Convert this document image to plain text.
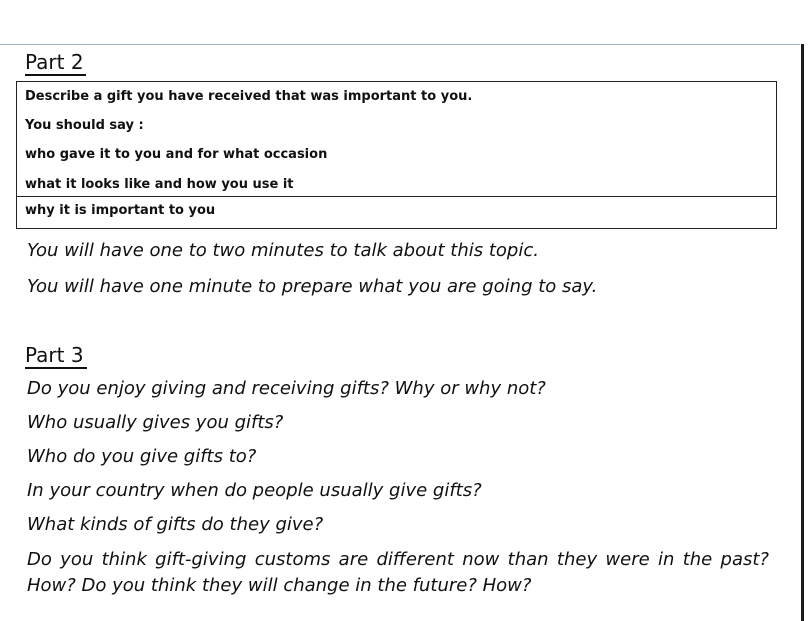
Part 2
Describe a gift you have received that was important to you.
You should say :
who gave it to you and for what occasion
what it looks like and how you use it
why it is important to you

You will have one to two minutes to talk about this topic.

You will have one minute to prepare what you are going to say.

Part 3

Do you enjoy giving and receiving gifts? Why or why not?

Who usually gives you gifts?

Who do you give gifts to?

In your country when do people usually give gifts?

What kinds of gifts do they give?

Do you think gift-giving customs are different now than they were in the past? How? Do you think they will change in the future? How?
